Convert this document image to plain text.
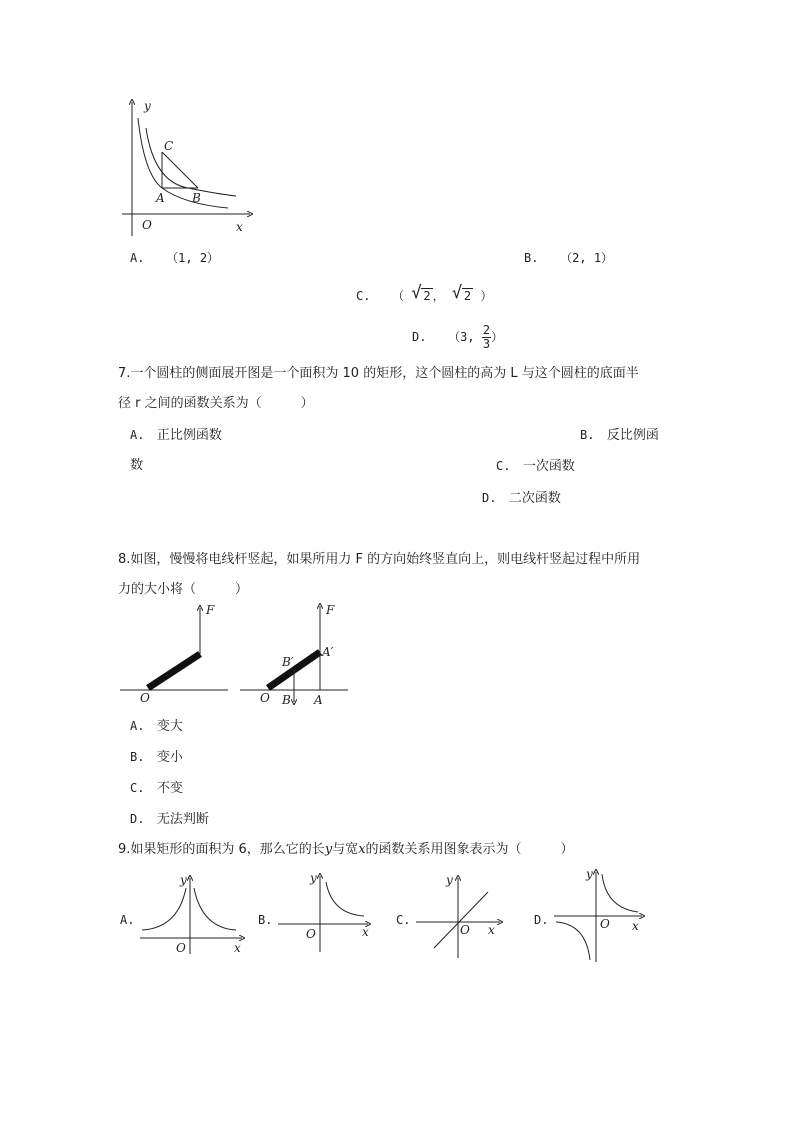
y
C
A B
O	x
A. （1, 2）	B. （2, 1）
C. （ √ 2 ， √ 2 ）
D. （3, $\frac{2}{3}$ ）
7.一个圆柱的侧面展开图是一个面积为 10 的矩形，这个圆柱的高为 L 与这个圆柱的底面半
径 r 之间的函数关系为（　　　）
A. 正比例函数	B. 反比例函
数	C. 一次函数
D. 二次函数
8.如图，慢慢将电线杆竖起，如果所用力 F 的方向始终竖直向上，则电线杆竖起过程中所用
力的大小将（　　　）
F
O
F
A′
B′
O B A
A. 变大
B. 变小
C. 不变
D. 无法判断
9.如果矩形的面积为 6，那么它的长y与宽x的函数关系用图象表示为（　　　）
A.	B.	C.	D.
y
O	x
y
O	x
y
O x
y
O x
